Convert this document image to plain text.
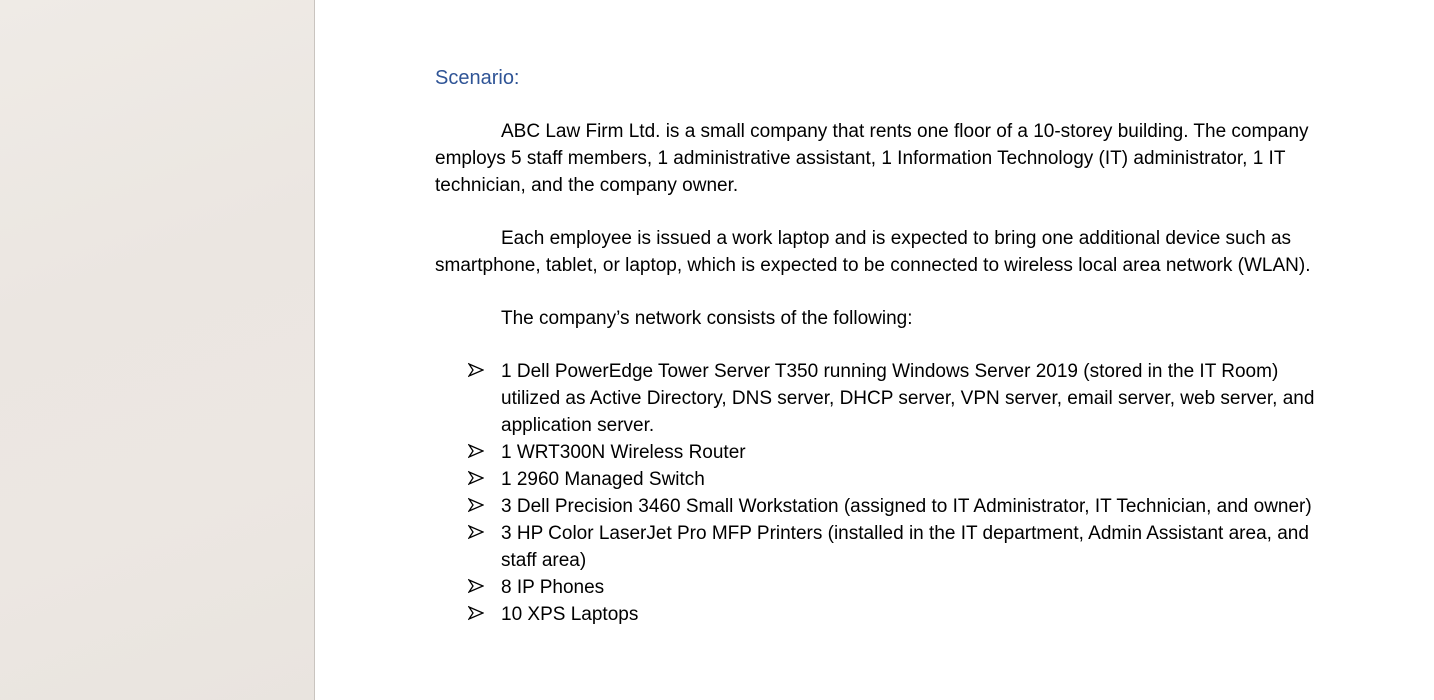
Scenario:

ABC Law Firm Ltd. is a small company that rents one floor of a 10-storey building. The company employs 5 staff members, 1 administrative assistant, 1 Information Technology (IT) administrator, 1 IT technician, and the company owner.

Each employee is issued a work laptop and is expected to bring one additional device such as smartphone, tablet, or laptop, which is expected to be connected to wireless local area network (WLAN).

The company’s network consists of the following:

1 Dell PowerEdge Tower Server T350 running Windows Server 2019 (stored in the IT Room) utilized as Active Directory, DNS server, DHCP server, VPN server, email server, web server, and application server.
1 WRT300N Wireless Router
1 2960 Managed Switch
3 Dell Precision 3460 Small Workstation (assigned to IT Administrator, IT Technician, and owner)
3 HP Color LaserJet Pro MFP Printers (installed in the IT department, Admin Assistant area, and staff area)
8 IP Phones
10 XPS Laptops
